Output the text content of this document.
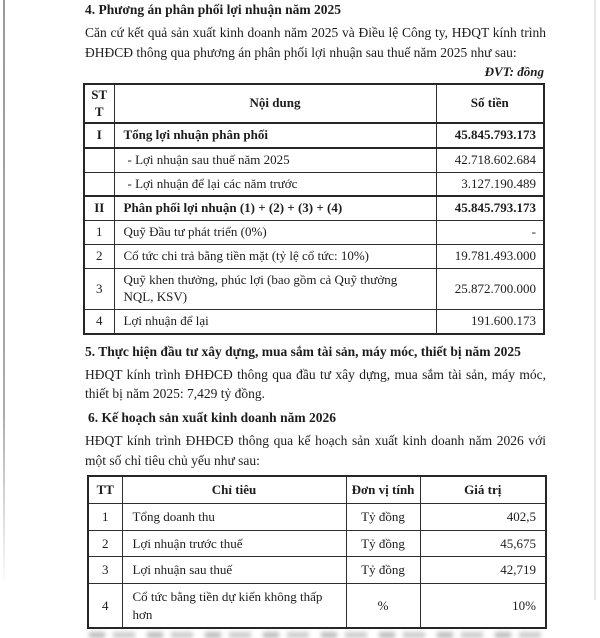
4. Phương án phân phối lợi nhuận năm 2025

Căn cứ kết quả sản xuất kinh doanh năm 2025 và Điều lệ Công ty, HĐQT kính trình ĐHĐCĐ thông qua phương án phân phối lợi nhuận sau thuế năm 2025 như sau:

ĐVT: đồng
STT	Nội dung	Số tiền
I	Tổng lợi nhuận phân phối	45.845.793.173
	- Lợi nhuận sau thuế năm 2025	42.718.602.684
	- Lợi nhuận để lại các năm trước	3.127.190.489
II	Phân phối lợi nhuận (1) + (2) + (3) + (4)	45.845.793.173
1	Quỹ Đầu tư phát triển (0%)	-
2	Cổ tức chi trả bằng tiền mặt (tỷ lệ cổ tức: 10%)	19.781.493.000
3	Quỹ khen thưởng, phúc lợi (bao gồm cả Quỹ thưởng NQL, KSV)	25.872.700.000
4	Lợi nhuận để lại	191.600.173
5. Thực hiện đầu tư xây dựng, mua sắm tài sản, máy móc, thiết bị năm 2025

HĐQT kính trình ĐHĐCĐ thông qua đầu tư xây dựng, mua sắm tài sản, máy móc, thiết bị năm 2025: 7,429 tỷ đồng.

6. Kế hoạch sản xuất kinh doanh năm 2026

HĐQT kính trình ĐHĐCĐ thông qua kế hoạch sản xuất kinh doanh năm 2026 với một số chỉ tiêu chủ yếu như sau:

TT	Chỉ tiêu	Đơn vị tính	Giá trị
1	Tổng doanh thu	Tỷ đồng	402,5
2	Lợi nhuận trước thuế	Tỷ đồng	45,675
3	Lợi nhuận sau thuế	Tỷ đồng	42,719
4	Cổ tức bằng tiền dự kiến không thấp hơn	%	10%
